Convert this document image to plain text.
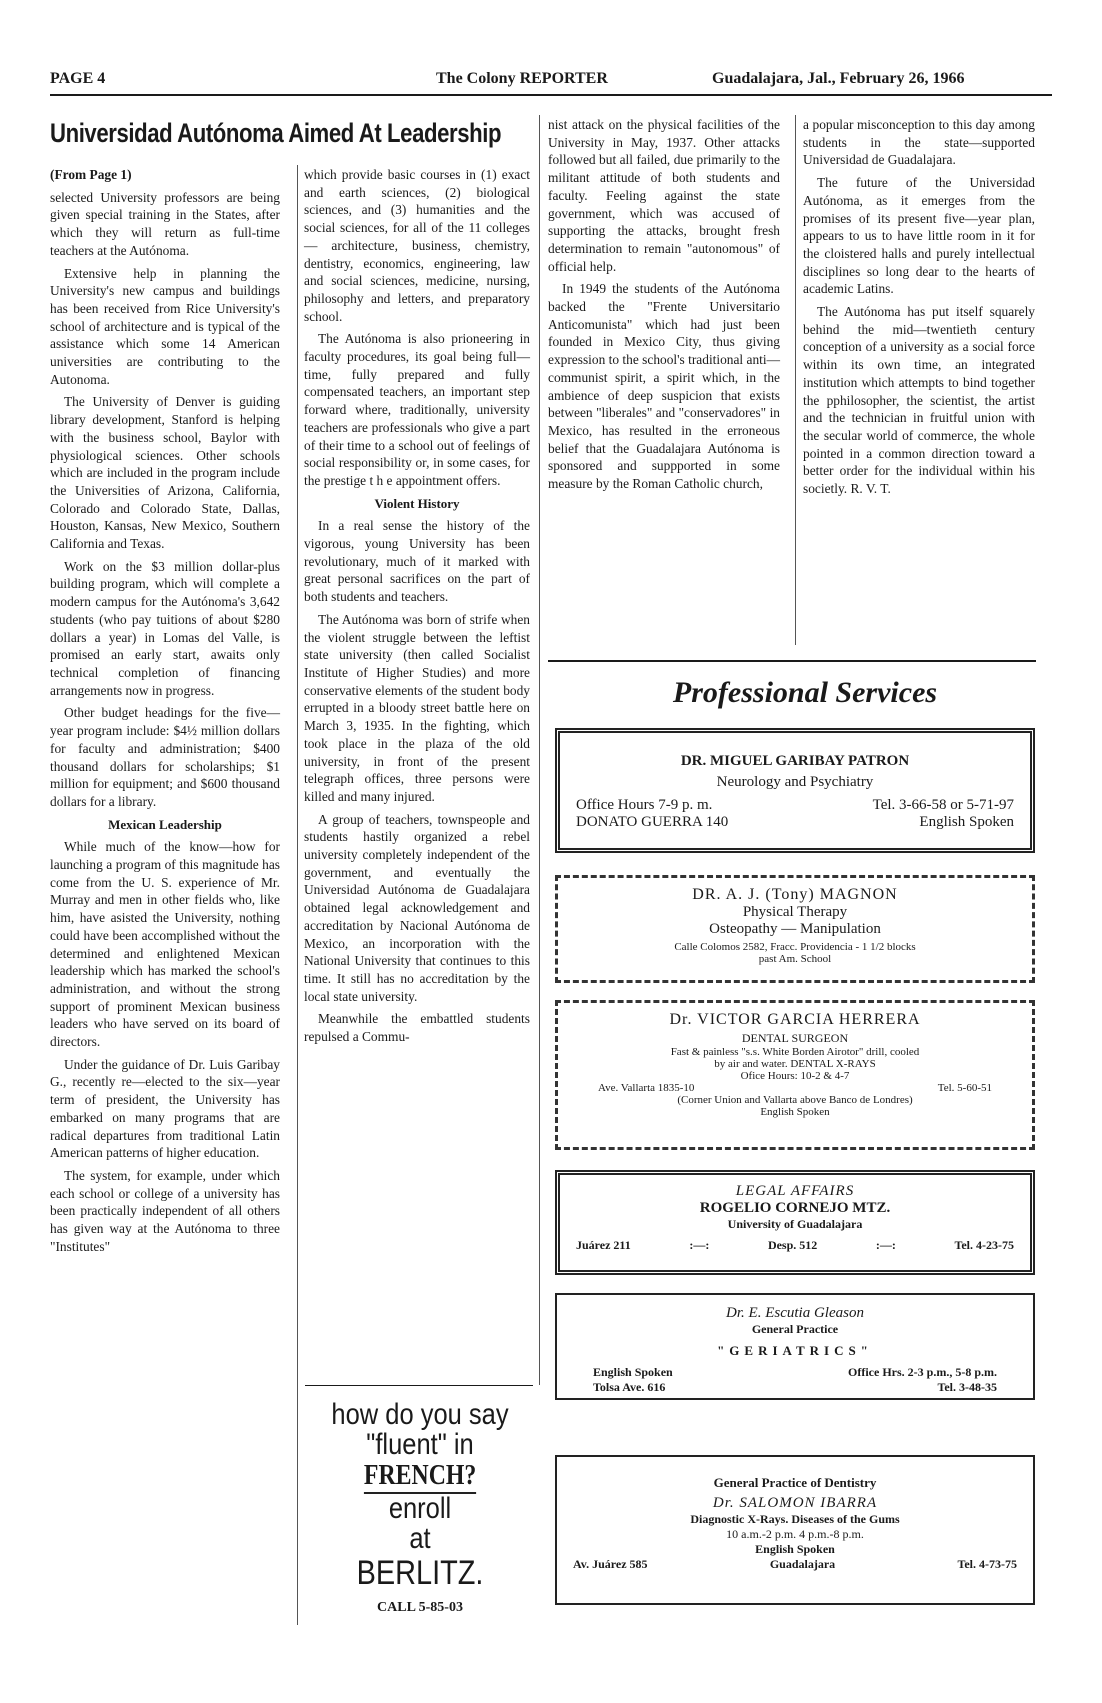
PAGE 4	The Colony REPORTER	Guadalajara, Jal., February 26, 1966
Universidad Autónoma Aimed At Leadership

(From Page 1)

selected University professors are being given special training in the States, after which they will return as full-time teachers at the Autónoma.

Extensive help in planning the University's new campus and buildings has been received from Rice University's school of architecture and is typical of the assistance which some 14 American universities are contributing to the Autonoma.

The University of Denver is guiding library development, Stanford is helping with the business school, Baylor with physiological sciences. Other schools which are included in the program include the Universities of Arizona, California, Colorado and Colorado State, Dallas, Houston, Kansas, New Mexico, Southern California and Texas.

Work on the $3 million dollar-plus building program, which will complete a modern campus for the Autónoma's 3,642 students (who pay tuitions of about $280 dollars a year) in Lomas del Valle, is promised an early start, awaits only technical completion of financing arrangements now in progress.

Other budget headings for the five—year program include: $4½ million dollars for faculty and administration; $400 thousand dollars for scholarships; $1 million for equipment; and $600 thousand dollars for a library.

Mexican Leadership

While much of the know—how for launching a program of this magnitude has come from the U. S. experience of Mr. Murray and men in other fields who, like him, have asisted the University, nothing could have been accomplished without the determined and enlightened Mexican leadership which has marked the school's administration, and without the strong support of prominent Mexican business leaders who have served on its board of directors.

Under the guidance of Dr. Luis Garibay G., recently re—elected to the six—year term of president, the University has embarked on many programs that are radical departures from traditional Latin American patterns of higher education.

The system, for example, under which each school or college of a university has been practically independent of all others has given way at the Autónoma to three "Institutes"

which provide basic courses in (1) exact and earth sciences, (2) biological sciences, and (3) humanities and the social sciences, for all of the 11 colleges — architecture, business, chemistry, dentistry, economics, engineering, law and social sciences, medicine, nursing, philosophy and letters, and preparatory school.

The Autónoma is also prioneering in faculty procedures, its goal being full—time, fully prepared and fully compensated teachers, an important step forward where, traditionally, university teachers are professionals who give a part of their time to a school out of feelings of social responsibility or, in some cases, for the prestige t h e appointment offers.

Violent History

In a real sense the history of the vigorous, young University has been revolutionary, much of it marked with great personal sacrifices on the part of both students and teachers.

The Autónoma was born of strife when the violent struggle between the leftist state university (then called Socialist Institute of Higher Studies) and more conservative elements of the student body errupted in a bloody street battle here on March 3, 1935. In the fighting, which took place in the plaza of the old university, in front of the present telegraph offices, three persons were killed and many injured.

A group of teachers, townspeople and students hastily organized a rebel university completely independent of the government, and eventually the Universidad Autónoma de Guadalajara obtained legal acknowledgement and accreditation by Nacional Autónoma de Mexico, an incorporation with the National University that continues to this time. It still has no accreditation by the local state university.

Meanwhile the embattled students repulsed a Commu-

how do you say
"fluent" in
FRENCH?
enroll
at
BERLITZ.
CALL 5-85-03

nist attack on the physical facilities of the University in May, 1937. Other attacks followed but all failed, due primarily to the militant attitude of both students and faculty. Feeling against the state government, which was accused of supporting the attacks, brought fresh determination to remain "autonomous" of official help.

In 1949 the students of the Autónoma backed the "Frente Universitario Anticomunista" which had just been founded in Mexico City, thus giving expression to the school's traditional anti—communist spirit, a spirit which, in the ambience of deep suspicion that exists between "liberales" and "conservadores" in Mexico, has resulted in the erroneous belief that the Guadalajara Autónoma is sponsored and suppported in some measure by the Roman Catholic church,

a popular misconception to this day among students in the state—supported Universidad de Guadalajara.

The future of the Universidad Autónoma, as it emerges from the promises of its present five—year plan, appears to us to have little room in it for the cloistered halls and purely intellectual disciplines so long dear to the hearts of academic Latins.

The Autónoma has put itself squarely behind the mid—twentieth century conception of a university as a social force within its own time, an integrated institution which attempts to bind together the pphilosopher, the scientist, the artist and the technician in fruitful union with the secular world of commerce, the whole pointed in a common direction toward a better order for the individual within his societly. R. V. T.

Professional Services
DR. MIGUEL GARIBAY PATRON
Neurology and Psychiatry
Office Hours 7-9 p. m.	Tel. 3-66-58 or 5-71-97
DONATO GUERRA 140	English Spoken
DR. A. J. (Tony) MAGNON
Physical Therapy
Osteopathy — Manipulation
Calle Colomos 2582, Fracc. Providencia - 1 1/2 blocks
past Am. School
Dr. VICTOR GARCIA HERRERA
DENTAL SURGEON
Fast & painless "s.s. White Borden Airotor" drill, cooled
by air and water. DENTAL X-RAYS
Ofice Hours: 10-2 & 4-7
Ave. Vallarta 1835-10	Tel. 5-60-51
(Corner Union and Vallarta above Banco de Londres)
English Spoken
LEGAL AFFAIRS
ROGELIO CORNEJO MTZ.
University of Guadalajara
Juárez 211	:—:	Desp. 512	:—:	Tel. 4-23-75
Dr. E. Escutia Gleason
General Practice
"GERIATRICS"
English Spoken	Office Hrs. 2-3 p.m., 5-8 p.m.
Tolsa Ave. 616	Tel. 3-48-35
General Practice of Dentistry
Dr. SALOMON IBARRA
Diagnostic X-Rays. Diseases of the Gums
10 a.m.-2 p.m. 4 p.m.-8 p.m.
English Spoken
Av. Juárez 585	Guadalajara	Tel. 4-73-75
